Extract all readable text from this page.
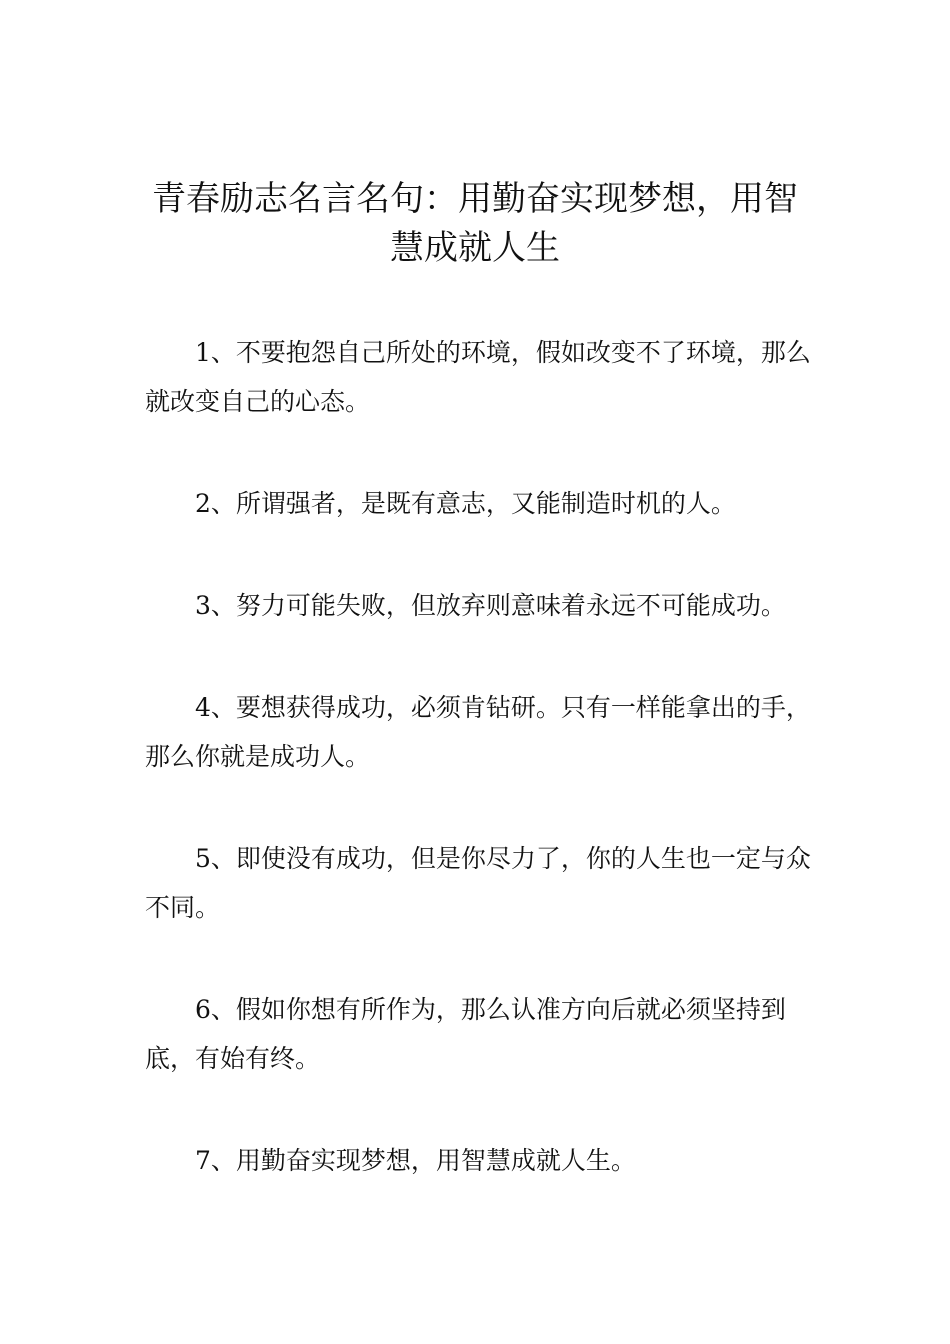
青春励志名言名句：用勤奋实现梦想，用智慧成就人生

1、不要抱怨自己所处的环境，假如改变不了环境，那么就改变自己的心态。

2、所谓强者，是既有意志，又能制造时机的人。

3、努力可能失败，但放弃则意味着永远不可能成功。

4、要想获得成功，必须肯钻研。只有一样能拿出的手，那么你就是成功人。

5、即使没有成功，但是你尽力了，你的人生也一定与众不同。

6、假如你想有所作为，那么认准方向后就必须坚持到底，有始有终。

7、用勤奋实现梦想，用智慧成就人生。
